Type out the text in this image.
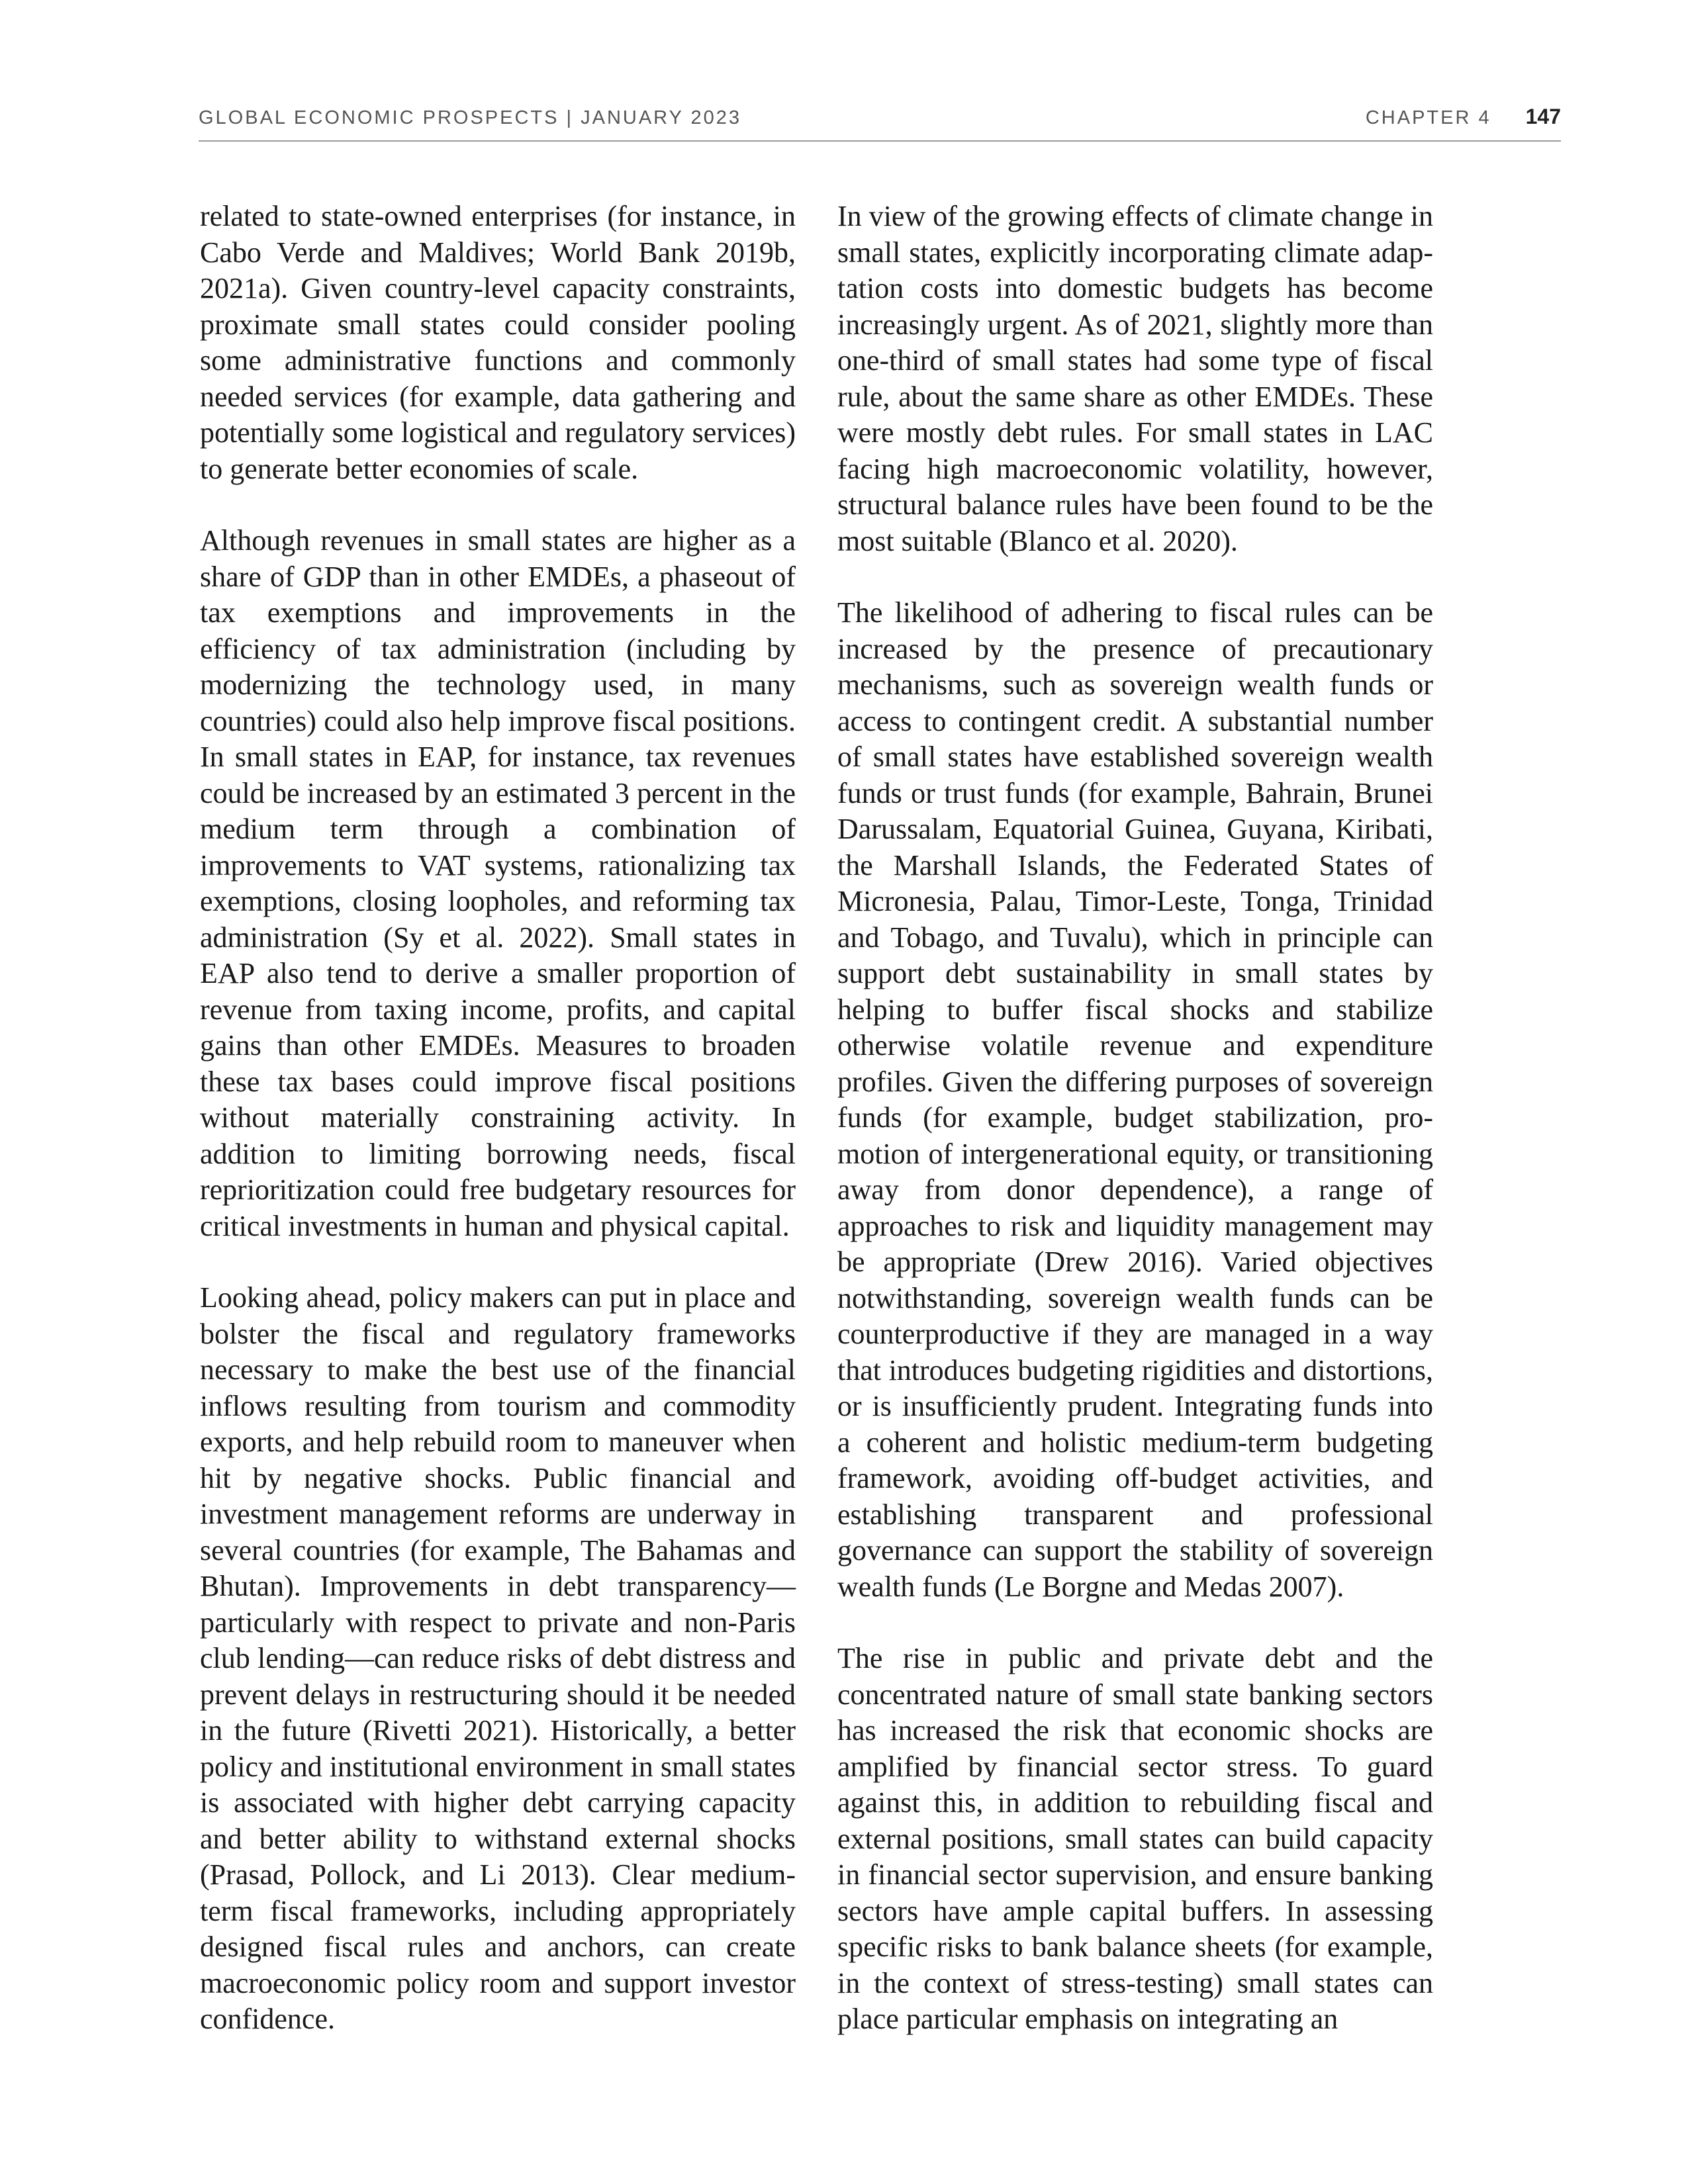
GLOBAL ECONOMIC PROSPECTS | JANUARY 2023	CHAPTER 4 147

related to state-owned enterprises (for instance, in Cabo Verde and Maldives; World Bank 2019b, 2021a). Given country-level capacity constraints, proximate small states could consider pooling some administrative functions and commonly needed services (for example, data gathering and potentially some logistical and regulatory services) to generate better economies of scale.

Although revenues in small states are higher as a share of GDP than in other EMDEs, a phaseout of tax exemptions and improvements in the efficiency of tax administration (including by modernizing the technology used, in many countries) could also help improve fiscal positions. In small states in EAP, for instance, tax revenues could be increased by an estimated 3 percent in the medium term through a combination of improvements to VAT systems, rationalizing tax exemptions, closing loopholes, and reforming tax administration (Sy et al. 2022). Small states in EAP also tend to derive a smaller proportion of revenue from taxing income, profits, and capital gains than other EMDEs. Measures to broaden these tax bases could improve fiscal positions without materially constraining activity. In addition to limiting borrowing needs, fiscal reprioritization could free budgetary resources for critical investments in human and physical capital.

Looking ahead, policy makers can put in place and bolster the fiscal and regulatory frameworks necessary to make the best use of the financial inflows resulting from tourism and commodity exports, and help rebuild room to maneuver when hit by negative shocks. Public financial and investment management reforms are underway in several countries (for example, The Bahamas and Bhutan). Improvements in debt transparency—particularly with respect to private and non-Paris club lending—can reduce risks of debt distress and prevent delays in restructuring should it be needed in the future (Rivetti 2021). Historically, a better policy and institutional environment in small states is associated with higher debt carrying capacity and better ability to withstand external shocks (Prasad, Pollock, and Li 2013). Clear medium-term fiscal frameworks, including appropriately designed fiscal rules and anchors, can create macroeconomic policy room and support investor confidence.

In view of the growing effects of climate change in small states, explicitly incorporating climate adaptation costs into domestic budgets has become increasingly urgent. As of 2021, slightly more than one-third of small states had some type of fiscal rule, about the same share as other EMDEs. These were mostly debt rules. For small states in LAC facing high macroeconomic volatility, however, structural balance rules have been found to be the most suitable (Blanco et al. 2020).

The likelihood of adhering to fiscal rules can be increased by the presence of precautionary mechanisms, such as sovereign wealth funds or access to contingent credit. A substantial number of small states have established sovereign wealth funds or trust funds (for example, Bahrain, Brunei Darussalam, Equatorial Guinea, Guyana, Kiribati, the Marshall Islands, the Federated States of Micronesia, Palau, Timor-Leste, Tonga, Trinidad and Tobago, and Tuvalu), which in principle can support debt sustainability in small states by helping to buffer fiscal shocks and stabilize otherwise volatile revenue and expenditure profiles. Given the differing purposes of sovereign funds (for example, budget stabilization, promotion of intergenerational equity, or transitioning away from donor dependence), a range of approaches to risk and liquidity management may be appropriate (Drew 2016). Varied objectives notwithstanding, sovereign wealth funds can be counterproductive if they are managed in a way that introduces budgeting rigidities and distortions, or is insufficiently prudent. Integrating funds into a coherent and holistic medium-term budgeting framework, avoiding off-budget activities, and establishing transparent and professional governance can support the stability of sovereign wealth funds (Le Borgne and Medas 2007).

The rise in public and private debt and the concentrated nature of small state banking sectors has increased the risk that economic shocks are amplified by financial sector stress. To guard against this, in addition to rebuilding fiscal and external positions, small states can build capacity in financial sector supervision, and ensure banking sectors have ample capital buffers. In assessing specific risks to bank balance sheets (for example, in the context of stress-testing) small states can place particular emphasis on integrating an
